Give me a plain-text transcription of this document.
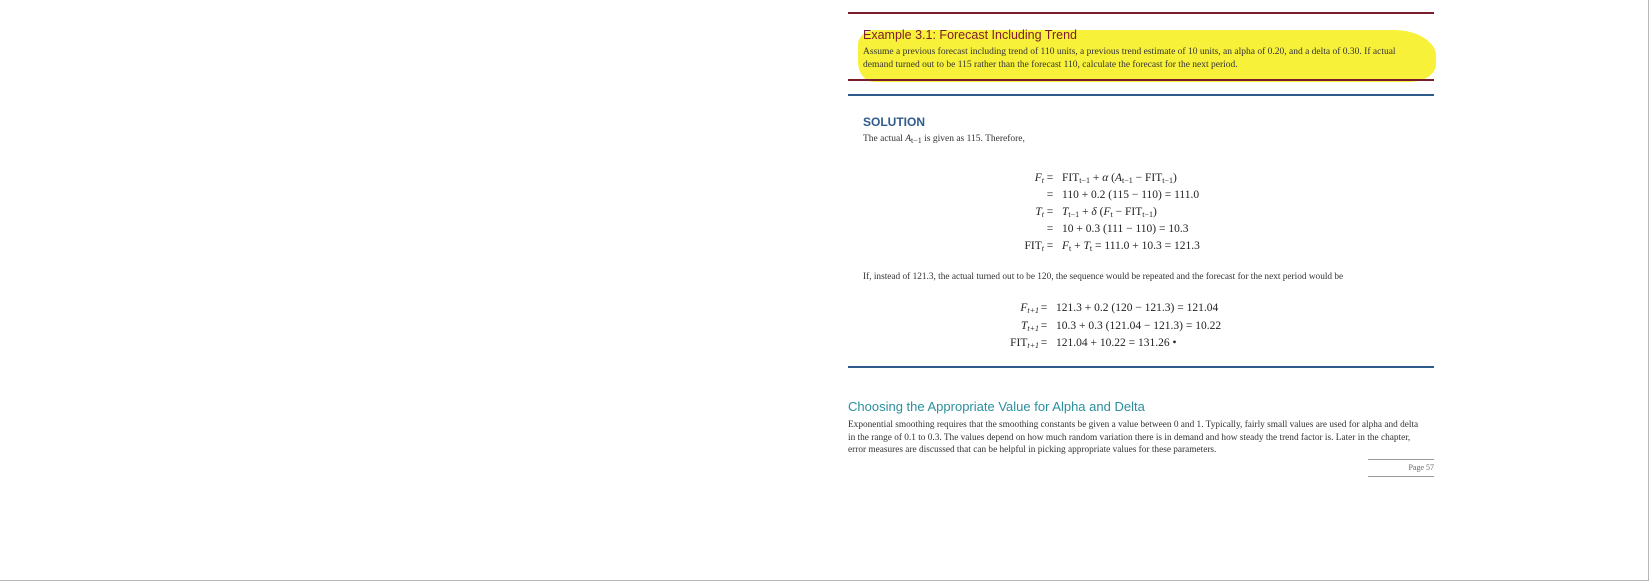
Example 3.1: Forecast Including Trend
Assume a previous forecast including trend of 110 units, a previous trend estimate of 10 units, an alpha of 0.20, and a delta of 0.30. If actual demand turned out to be 115 rather than the forecast 110, calculate the forecast for the next period.
SOLUTION
The actual $A_{t-1}$ is given as 115. Therefore,
$F_t = FIT_{t-1} + \alpha$ $(A_{t-1} - FIT_{t-1})$
= 110 + 0.2 (115 − 110) = 111.0
$T_t = T_{t-1} + \delta$ $(F_t - FIT_{t-1})$
= 10 + 0.3 (111 − 110) = 10.3
$FIT_t = F_t + T_t = 111.0 + 10.3 = 121.3$
If, instead of 121.3, the actual turned out to be 120, the sequence would be repeated and the forecast for the next period would be
$F_{t+1} = 121.3 + 0.2$ (120 − 121.3) = 121.04
$T_{t+1} = 10.3 + 0.3$ (121.04 − 121.3) = 10.22
$FIT_{t+1} = 121.04 + 10.22 = 131.26$ •
Choosing the Appropriate Value for Alpha and Delta
Exponential smoothing requires that the smoothing constants be given a value between 0 and 1. Typically, fairly small values are used for alpha and delta in the range of 0.1 to 0.3. The values depend on how much random variation there is in demand and how steady the trend factor is. Later in the chapter, error measures are discussed that can be helpful in picking appropriate values for these parameters.
Page 57
